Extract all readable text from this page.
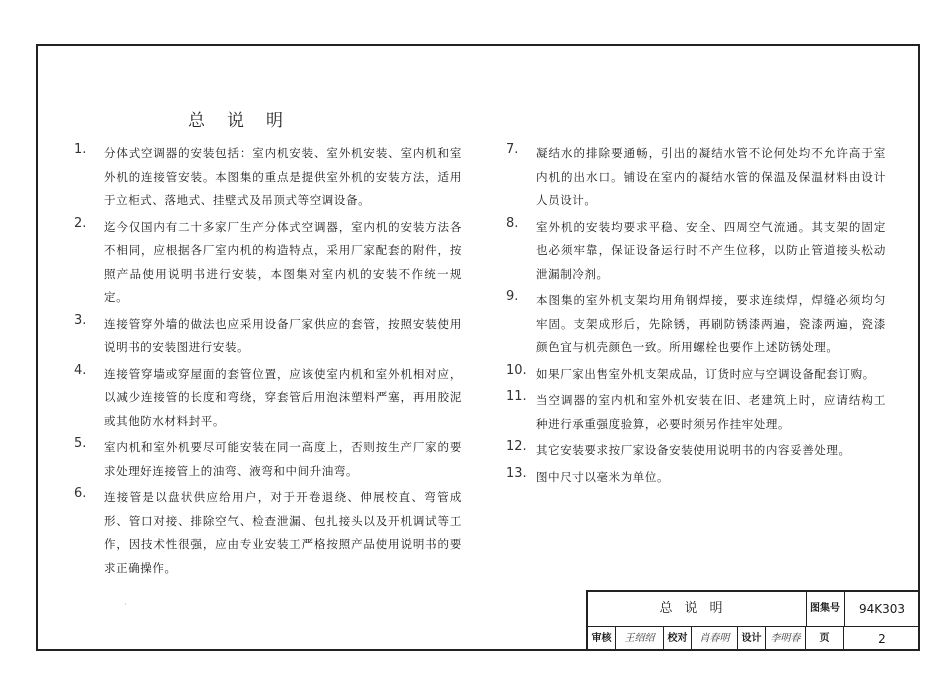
总说明
1. 分体式空调器的安装包括：室内机安装、室外机安装、室内机和室外机的连接管安装。本图集的重点是提供室外机的安装方法，适用于立柜式、落地式、挂壁式及吊顶式等空调设备。
2. 迄今仅国内有二十多家厂生产分体式空调器，室内机的安装方法各不相同，应根据各厂室内机的构造特点，采用厂家配套的附件，按照产品使用说明书进行安装，本图集对室内机的安装不作统一规定。
3. 连接管穿外墙的做法也应采用设备厂家供应的套管，按照安装使用说明书的安装图进行安装。
4. 连接管穿墙或穿屋面的套管位置，应该使室内机和室外机相对应，以减少连接管的长度和弯绕，穿套管后用泡沫塑料严塞，再用胶泥或其他防水材料封平。
5. 室内机和室外机要尽可能安装在同一高度上，否则按生产厂家的要求处理好连接管上的油弯、液弯和中间升油弯。
6. 连接管是以盘状供应给用户，对于开卷退绕、伸展校直、弯管成形、管口对接、排除空气、检查泄漏、包扎接头以及开机调试等工作，因技术性很强，应由专业安装工严格按照产品使用说明书的要求正确操作。
7. 凝结水的排除要通畅，引出的凝结水管不论何处均不允许高于室内机的出水口。铺设在室内的凝结水管的保温及保温材料由设计人员设计。
8. 室外机的安装均要求平稳、安全、四周空气流通。其支架的固定也必须牢靠，保证设备运行时不产生位移，以防止管道接头松动泄漏制冷剂。
9. 本图集的室外机支架均用角钢焊接，要求连续焊，焊缝必须均匀牢固。支架成形后，先除锈，再刷防锈漆两遍，瓷漆两遍，瓷漆颜色宜与机壳颜色一致。所用螺栓也要作上述防锈处理。
10. 如果厂家出售室外机支架成品，订货时应与空调设备配套订购。
11. 当空调器的室内机和室外机安装在旧、老建筑上时，应请结构工种进行承重强度验算，必要时须另作挂牢处理。
12. 其它安装要求按厂家设备安装使用说明书的内容妥善处理。
13. 图中尺寸以毫米为单位。
·	总说明	图集号	94K303
审核	王绍绍	校对	肖春明	设计 李明春	页	2
